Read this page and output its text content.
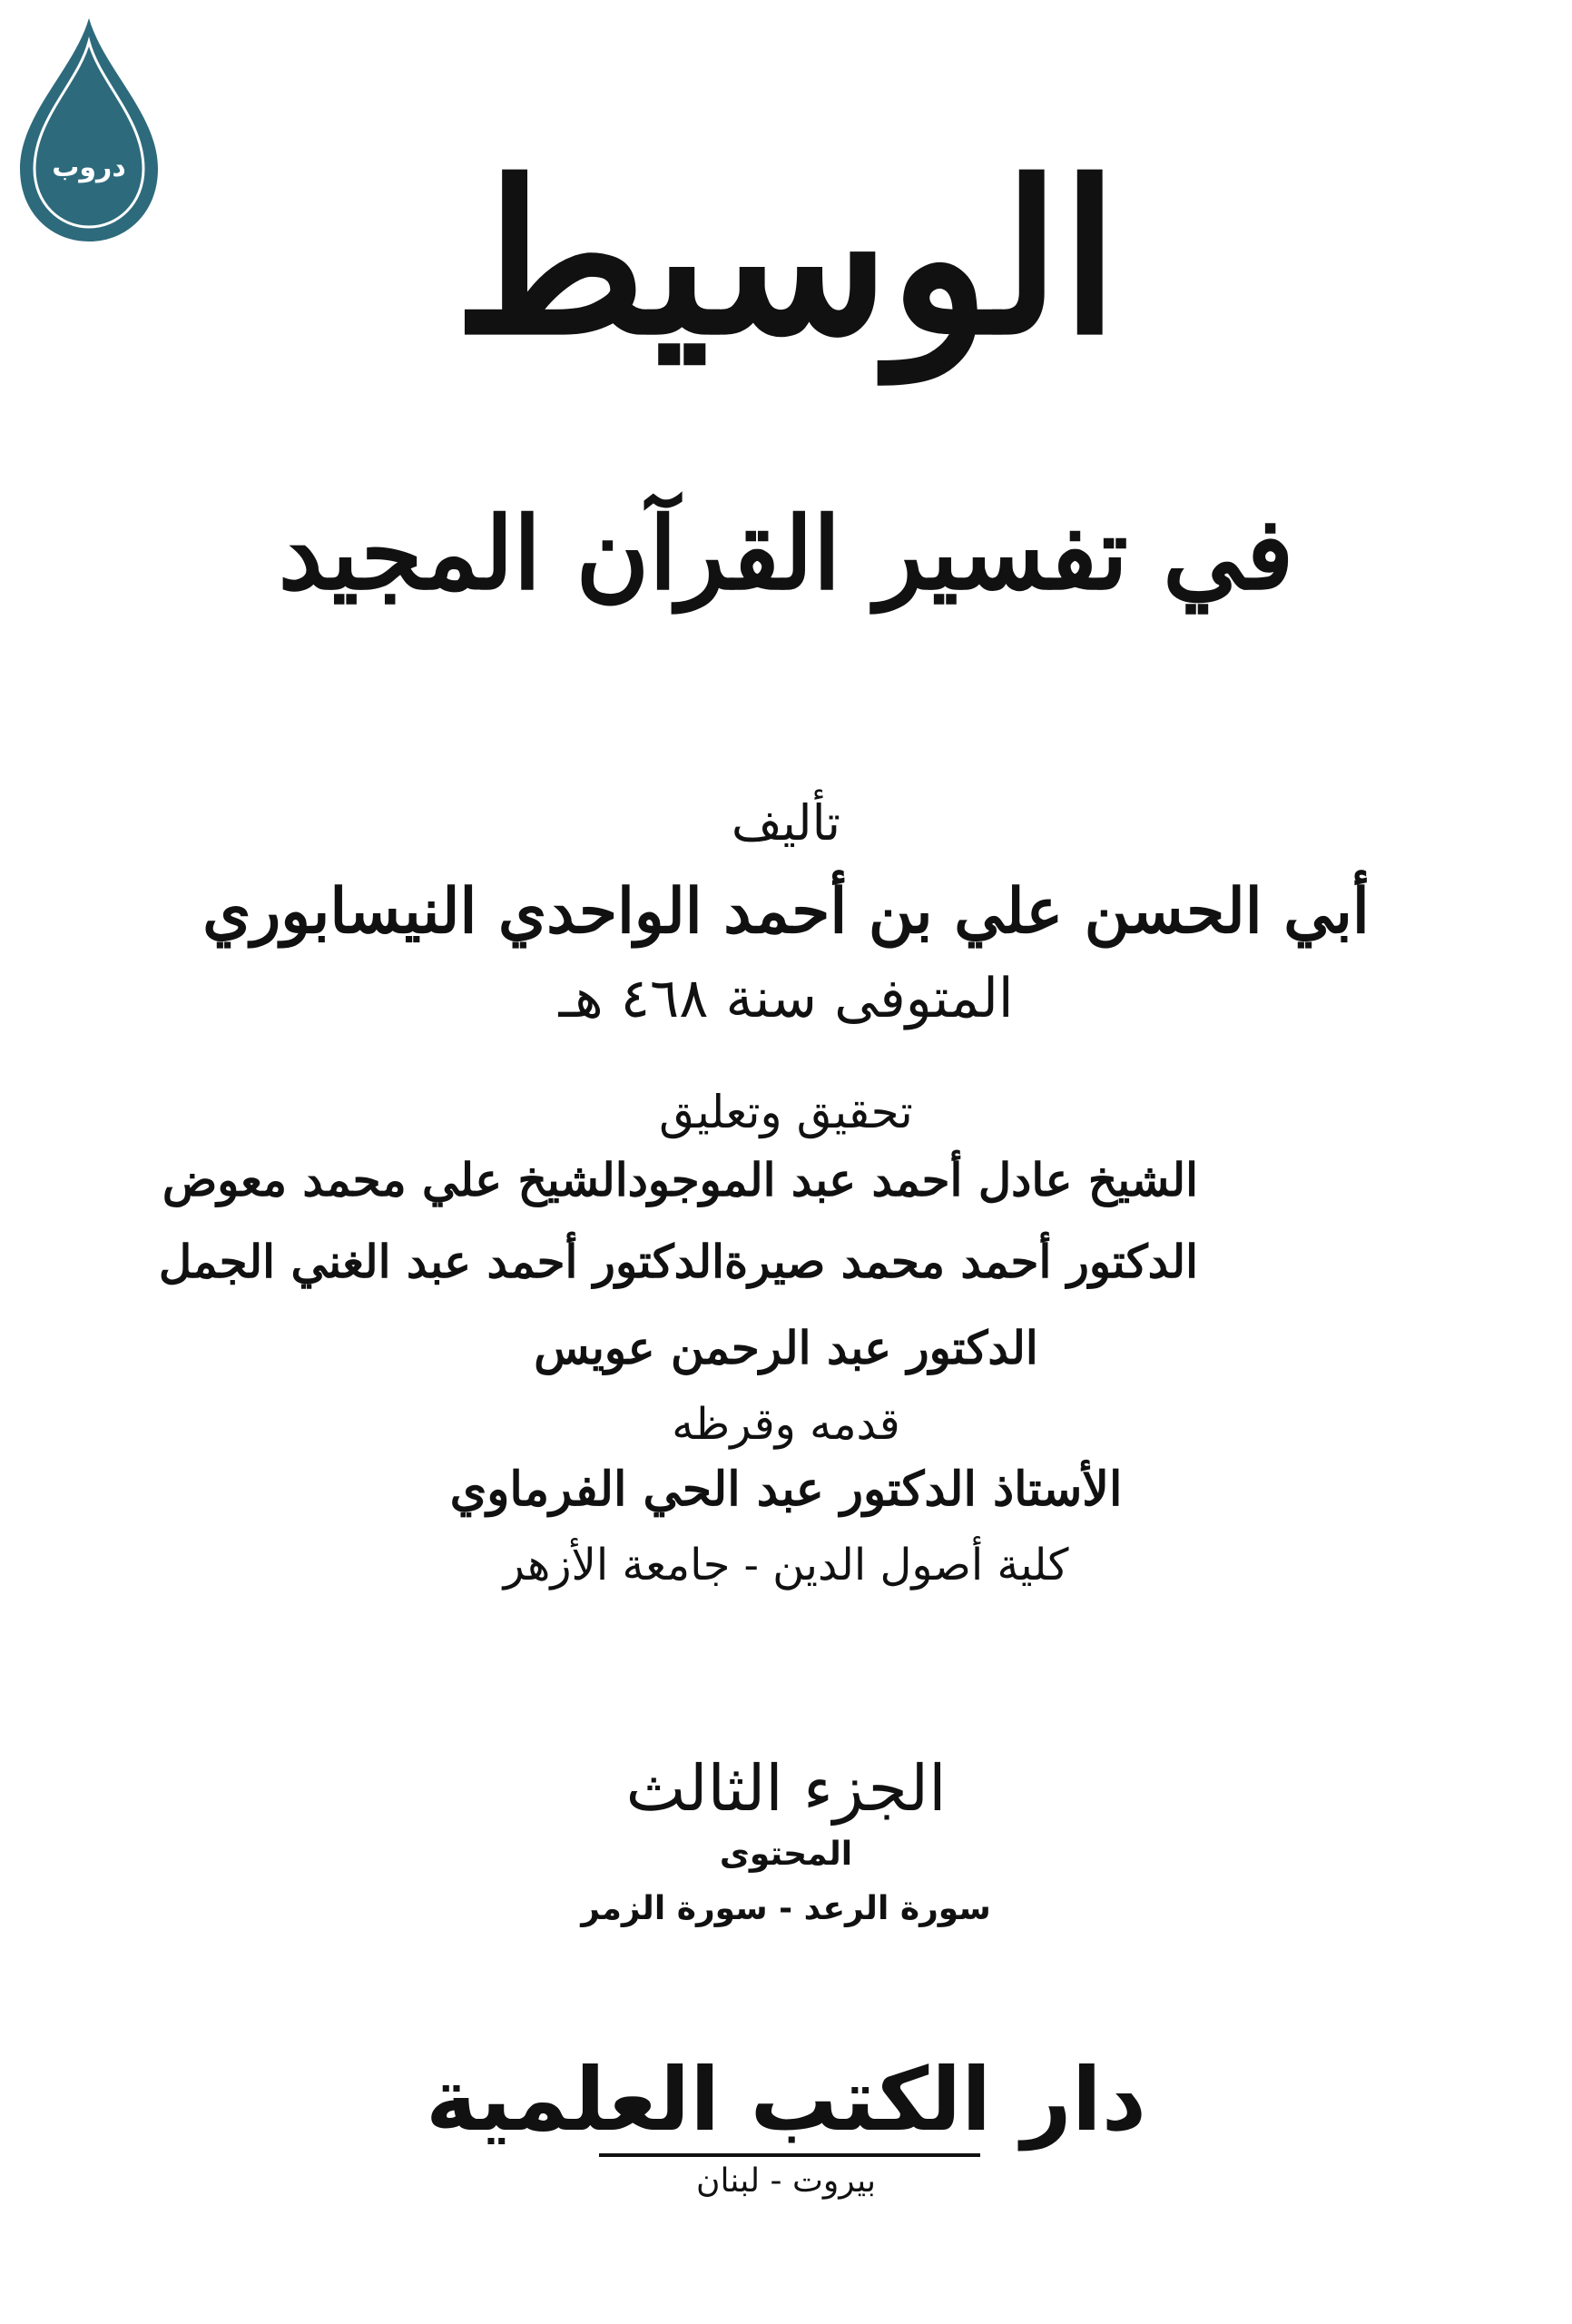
دروب	الوسيط
في تفسير القرآن المجيد
تأليف
أبي الحسن علي بن أحمد الواحدي النيسابوري
المتوفى سنة ٤٦٨ هـ
تحقيق وتعليق
الشيخ عادل أحمد عبد الموجود
الشيخ علي محمد معوض
الدكتور أحمد محمد صيرة
الدكتور أحمد عبد الغني الجمل
الدكتور عبد الرحمن عويس
قدمه وقرظه
الأستاذ الدكتور عبد الحي الفرماوي
كلية أصول الدين - جامعة الأزهر
الجزء الثالث
المحتوى
سورة الرعد - سورة الزمر
دار الكتب العلمية
بيروت - لبنان
